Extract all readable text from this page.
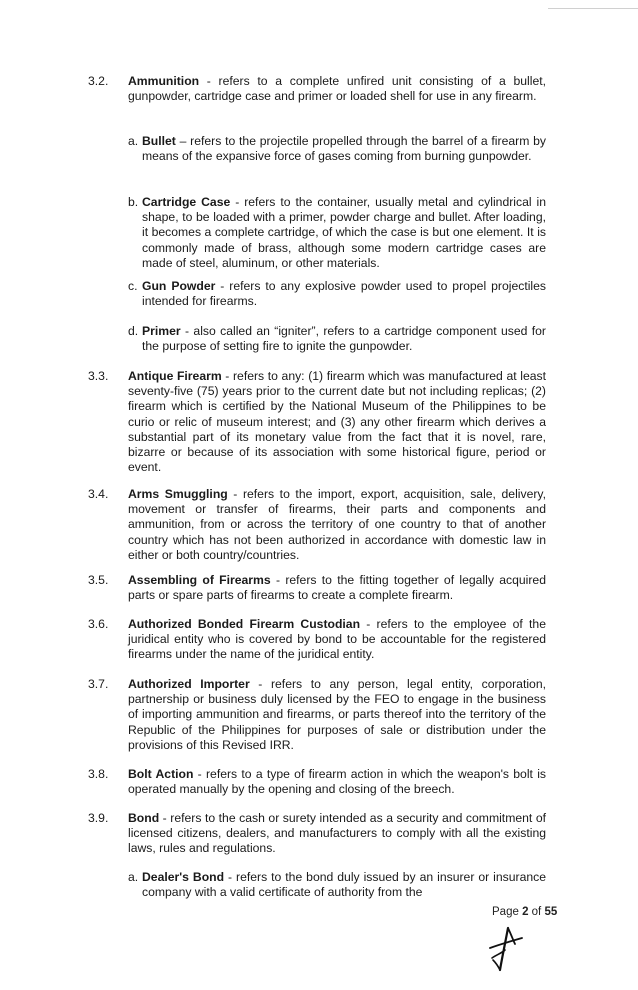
3.2. Ammunition - refers to a complete unfired unit consisting of a bullet, gunpowder, cartridge case and primer or loaded shell for use in any firearm.
a. Bullet – refers to the projectile propelled through the barrel of a firearm by means of the expansive force of gases coming from burning gunpowder.
b. Cartridge Case - refers to the container, usually metal and cylindrical in shape, to be loaded with a primer, powder charge and bullet. After loading, it becomes a complete cartridge, of which the case is but one element. It is commonly made of brass, although some modern cartridge cases are made of steel, aluminum, or other materials.
c. Gun Powder - refers to any explosive powder used to propel projectiles intended for firearms.
d. Primer - also called an “igniter”, refers to a cartridge component used for the purpose of setting fire to ignite the gunpowder.
3.3. Antique Firearm - refers to any: (1) firearm which was manufactured at least seventy-five (75) years prior to the current date but not including replicas; (2) firearm which is certified by the National Museum of the Philippines to be curio or relic of museum interest; and (3) any other firearm which derives a substantial part of its monetary value from the fact that it is novel, rare, bizarre or because of its association with some historical figure, period or event.
3.4. Arms Smuggling - refers to the import, export, acquisition, sale, delivery, movement or transfer of firearms, their parts and components and ammunition, from or across the territory of one country to that of another country which has not been authorized in accordance with domestic law in either or both country/countries.
3.5. Assembling of Firearms - refers to the fitting together of legally acquired parts or spare parts of firearms to create a complete firearm.
3.6. Authorized Bonded Firearm Custodian - refers to the employee of the juridical entity who is covered by bond to be accountable for the registered firearms under the name of the juridical entity.
3.7. Authorized Importer - refers to any person, legal entity, corporation, partnership or business duly licensed by the FEO to engage in the business of importing ammunition and firearms, or parts thereof into the territory of the Republic of the Philippines for purposes of sale or distribution under the provisions of this Revised IRR.
3.8. Bolt Action - refers to a type of firearm action in which the weapon's bolt is operated manually by the opening and closing of the breech.
3.9. Bond - refers to the cash or surety intended as a security and commitment of licensed citizens, dealers, and manufacturers to comply with all the existing laws, rules and regulations.
a. Dealer's Bond - refers to the bond duly issued by an insurer or insurance company with a valid certificate of authority from the
Page 2 of 55
